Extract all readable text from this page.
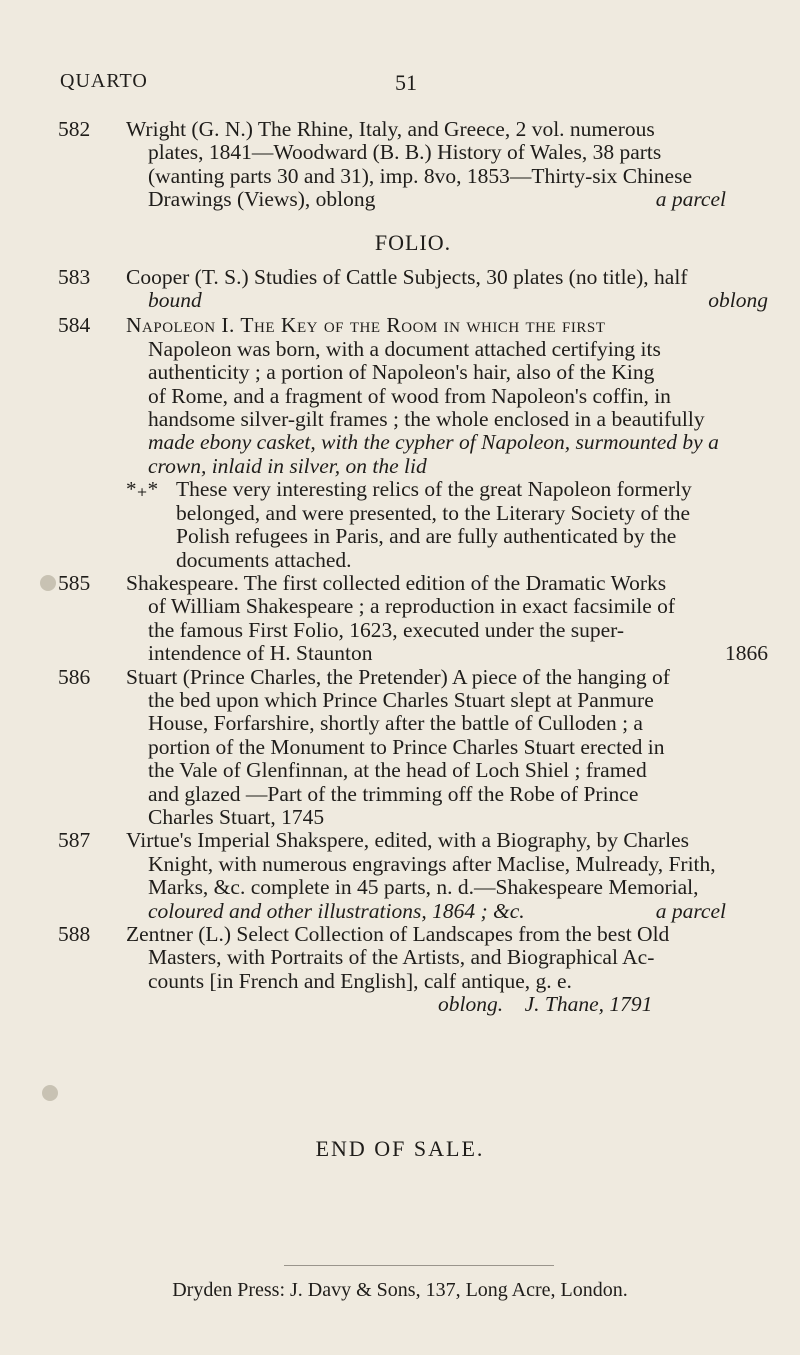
QUARTO	51
582 Wright (G. N.) The Rhine, Italy, and Greece, 2 vol. numerous
plates, 1841—Woodward (B. B.) History of Wales, 38 parts
(wanting parts 30 and 31), imp. 8vo, 1853—Thirty-six Chinese
Drawings (Views), oblong	a parcel
FOLIO.
583 Cooper (T. S.) Studies of Cattle Subjects, 30 plates (no title), half
bound	oblong
584 Napoleon I. The Key of the Room in which the first
Napoleon was born, with a document attached certifying its
authenticity ; a portion of Napoleon's hair, also of the King
of Rome, and a fragment of wood from Napoleon's coffin, in
handsome silver-gilt frames ; the whole enclosed in a beautifully
made ebony casket, with the cypher of Napoleon, surmounted by a
crown, inlaid in silver, on the lid
*₊* These very interesting relics of the great Napoleon formerly
belonged, and were presented, to the Literary Society of the
Polish refugees in Paris, and are fully authenticated by the
documents attached.
585 Shakespeare. The first collected edition of the Dramatic Works
of William Shakespeare ; a reproduction in exact facsimile of
the famous First Folio, 1623, executed under the super-
intendence of H. Staunton	1866
586 Stuart (Prince Charles, the Pretender) A piece of the hanging of
the bed upon which Prince Charles Stuart slept at Panmure
House, Forfarshire, shortly after the battle of Culloden ; a
portion of the Monument to Prince Charles Stuart erected in
the Vale of Glenfinnan, at the head of Loch Shiel ; framed
and glazed —Part of the trimming off the Robe of Prince
Charles Stuart, 1745
587 Virtue's Imperial Shakspere, edited, with a Biography, by Charles
Knight, with numerous engravings after Maclise, Mulready, Frith,
Marks, &c. complete in 45 parts, n. d.—Shakespeare Memorial,
coloured and other illustrations, 1864 ; &c.	a parcel
588 Zentner (L.) Select Collection of Landscapes from the best Old
Masters, with Portraits of the Artists, and Biographical Ac-
counts [in French and English], calf antique, g. e.
oblong.    J. Thane, 1791
END OF SALE.
Dryden Press: J. Davy & Sons, 137, Long Acre, London.
